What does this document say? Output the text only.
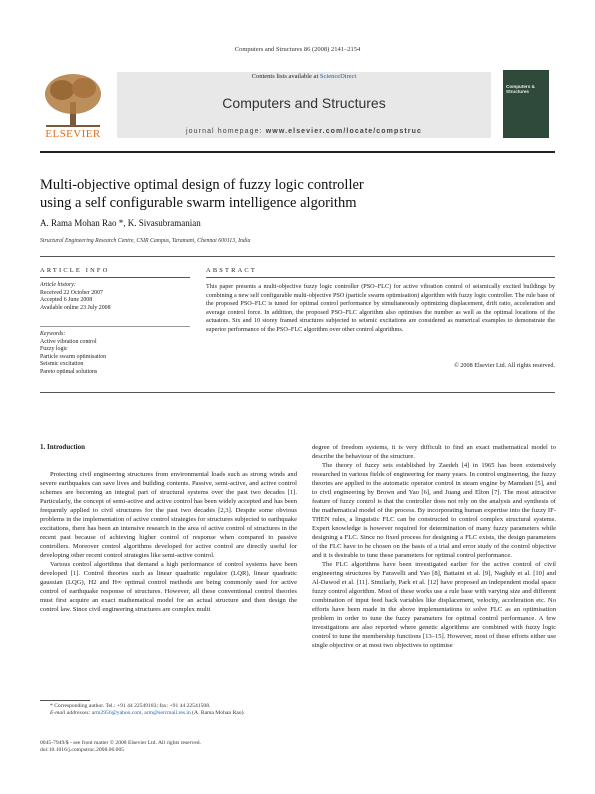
Computers and Structures 86 (2008) 2141–2154
ELSEVIER
Contents lists available at ScienceDirect
Computers and Structures
journal homepage: www.elsevier.com/locate/compstruc
Computers & Structures
Multi-objective optimal design of fuzzy logic controller
using a self configurable swarm intelligence algorithm
A. Rama Mohan Rao *, K. Sivasubramanian
Structural Engineering Research Centre, CSIR Campus, Taramani, Chennai 600113, India
ARTICLE INFO
Article history:
Received 22 October 2007
Accepted 6 June 2008
Available online 23 July 2008
Keywords:
Active vibration control
Fuzzy logic
Particle swarm optimisation
Seismic excitation
Pareto optimal solutions
ABSTRACT
This paper presents a multi-objective fuzzy logic controller (PSO–FLC) for active vibration control of seismically excited buildings by combining a new self configurable multi-objective PSO (particle swarm optimisation) algorithm with fuzzy logic controller. The rule base of the proposed PSO–FLC is tuned for optimal control performance by simultaneously optimizing displacement, drift ratio, acceleration and average control force. In addition, the proposed PSO–FLC algorithm also optimises the number as well as the optimal locations of the actuators. Six and 10 storey framed structures subjected to seismic excitations are considered as numerical examples to demonstrate the superior performance of the PSO–FLC algorithm over other control algorithms.
© 2008 Elsevier Ltd. All rights reserved.
1. Introduction

Protecting civil engineering structures from environmental loads such as strong winds and severe earthquakes can save lives and building contents. Passive, semi-active, and active control schemes are becoming an integral part of structural systems over the past two decades [1]. Particularly, the concept of semi-active and active control has been widely accepted and has been frequently applied to civil structures for the past two decades [2,3]. Despite some obvious problems in the implementation of active control strategies for structures subjected to earthquake excitations, there has been an intensive research in the area of active control of structures in the recent past because of achieving higher control of response when compared to passive controllers. Moreover control algorithms developed for active control are directly useful for developing other recent control strategies like semi-active control.

Various control algorithms that demand a high performance of control systems have been developed [1]. Control theories such as linear quadratic regulator (LQR), linear quadratic gaussian (LQG), H2 and H∞ optimal control methods are being commonly used for active control of earthquake response of structures. However, all these conventional control theories must first acquire an exact mathematical model for an actual structure and then design the control law. Since civil engineering structures are complex multi

degree of freedom systems, it is very difficult to find an exact mathematical model to describe the behaviour of the structure.

The theory of fuzzy sets established by Zaedeh [4] in 1965 has been extensively researched in various fields of engineering for many years. In control engineering, the fuzzy theories are applied to the automatic operator control in steam engine by Mamdani [5], and to civil engineering by Brown and Yao [6], and Juang and Elton [7]. The most attractive feature of fuzzy control is that the controller does not rely on the analysis and synthesis of the mathematical model of the process. By incorporating human expertise into the fuzzy IF-THEN rules, a linguistic FLC can be constructed to control complex structural systems. Expert knowledge is however required for determination of many fuzzy parameters while designing a FLC. Since no fixed process for designing a FLC exists, the design parameters of the FLC have to be chosen on the basis of a trial and error study of the control objective and it is desirable to tune these parameters for optimal control performance.

The FLC algorithms have been investigated earlier for the active control of civil engineering structures by Faravelli and Yao [8], Battaini et al. [9], Naghdy et al. [10] and Al-Dawod et al. [11]. Similarly, Park et al. [12] have proposed an independent modal space fuzzy control algorithm. Most of these works use a rule base with varying size and different combination of input feed back variables like displacement, velocity, acceleration etc. No efforts have been made in the above implementations to solve FLC as an optimisation problem in order to tune the fuzzy parameters for optimal control performance. A few investigations are also reported where genetic algorithms are combined with fuzzy logic control to tune the membership functions [13–15]. However, most of these efforts either use single objective or at most two objectives to optimise

* Corresponding author. Tel.: +91 44 22549183; fax: +91 44 22541508.
E-mail addresses: arm2956@yahoo.com, arm@sercmail.res.in (A. Rama Mohan Rao).
0045-7949/$ - see front matter © 2008 Elsevier Ltd. All rights reserved.
doi:10.1016/j.compstruc.2008.06.005
